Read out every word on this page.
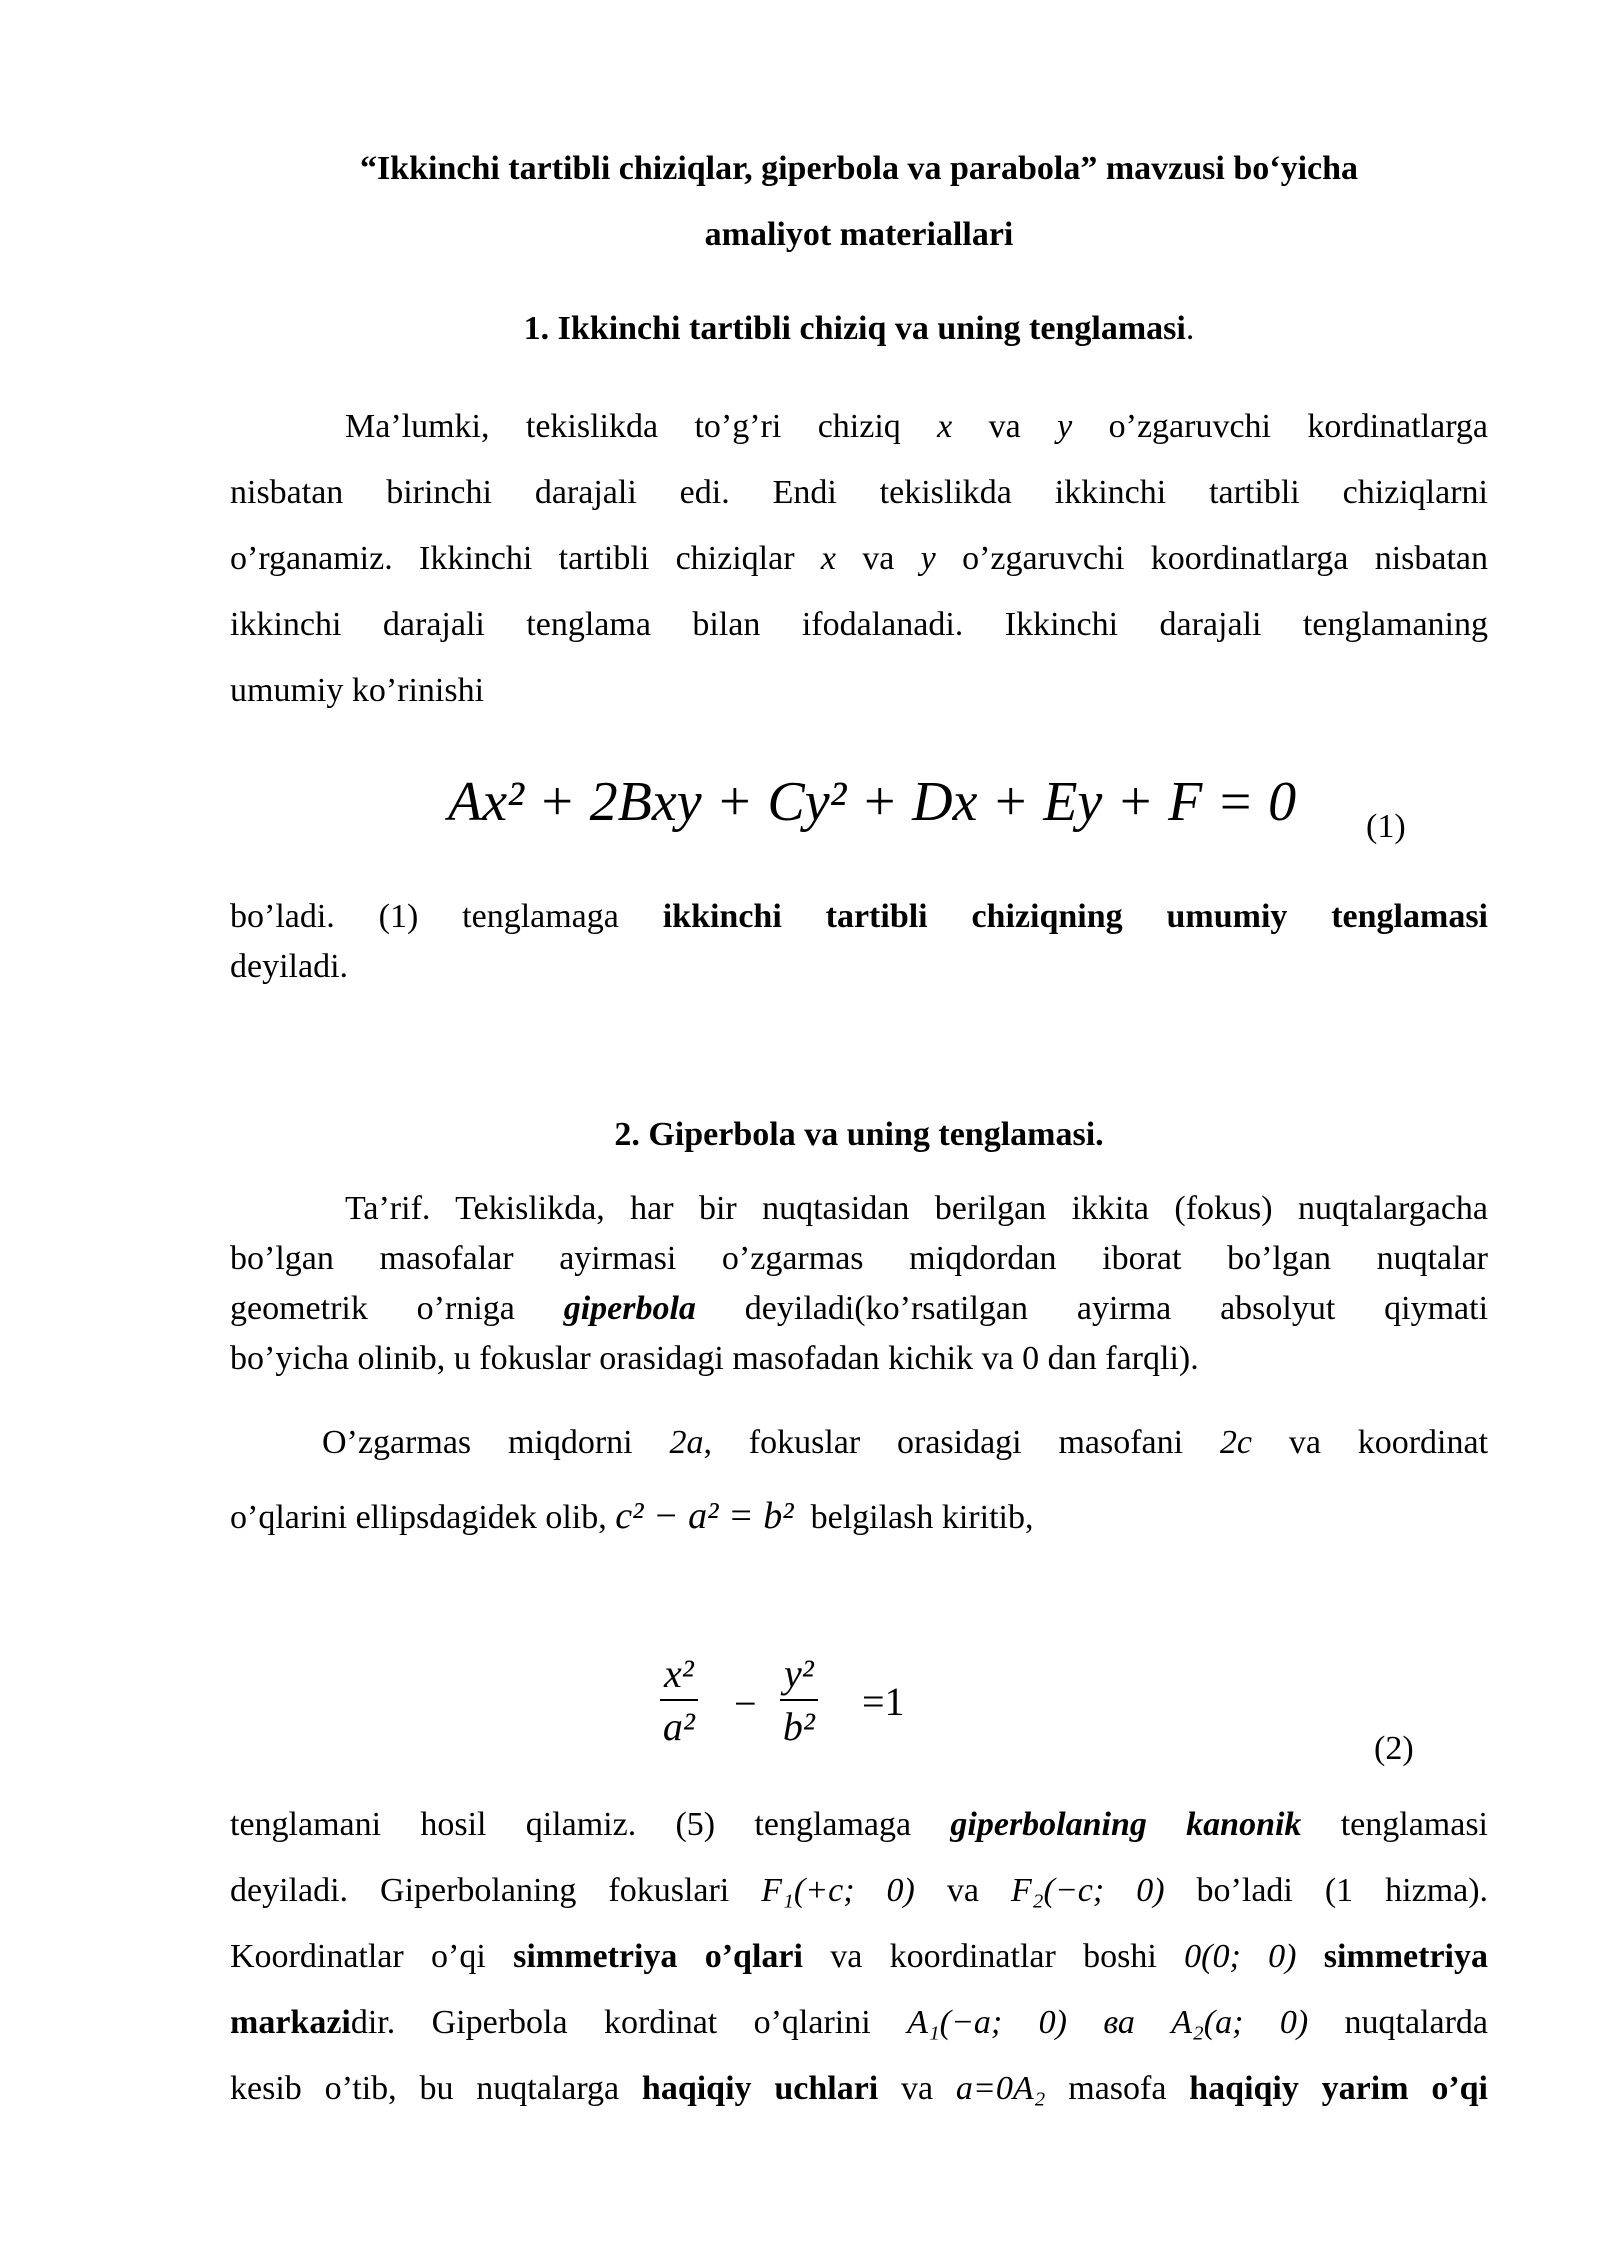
“Ikkinchi tartibli chiziqlar, giperbola va parabola” mavzusi bo‘yicha
amaliyot materiallari
1. Ikkinchi tartibli chiziq va uning tenglamasi.
Ma’lumki, tekislikda to’g’ri chiziq x va y o’zgaruvchi kordinatlarga
nisbatan birinchi darajali edi. Endi tekislikda ikkinchi tartibli chiziqlarni
o’rganamiz. Ikkinchi tartibli chiziqlar x va y o’zgaruvchi koordinatlarga nisbatan
ikkinchi darajali tenglama bilan ifodalanadi. Ikkinchi darajali tenglamaning
umumiy ko’rinishi
Ax² + 2Bxy + Cy² + Dx + Ey + F = 0 (1)
bo’ladi. (1) tenglamaga ikkinchi tartibli chiziqning umumiy tenglamasi
deyiladi.
2. Giperbola va uning tenglamasi.
Ta’rif. Tekislikda, har bir nuqtasidan berilgan ikkita (fokus) nuqtalargacha
bo’lgan masofalar ayirmasi o’zgarmas miqdordan iborat bo’lgan nuqtalar
geometrik o’rniga giperbola deyiladi(ko’rsatilgan ayirma absolyut qiymati
bo’yicha olinib, u fokuslar orasidagi masofadan kichik va 0 dan farqli).
O’zgarmas miqdorni 2a, fokuslar orasidagi masofani 2c va koordinat
o’qlarini ellipsdagidek olib, c² − a² = b² belgilash kiritib,
$\frac{\text{x²}}{\text{a²}} - \frac{\text{y²}}{\text{b²}} =1$
(2)
tenglamani hosil qilamiz. (5) tenglamaga giperbolaning kanonik tenglamasi
deyiladi. Giperbolaning fokuslari F₁(+c; 0) va F₂(−c; 0) bo’ladi (1 hizma).
Koordinatlar o’qi simmetriya o’qlari va koordinatlar boshi 0(0; 0) simmetriya
markazidir. Giperbola kordinat o’qlarini A₁(−a; 0) ва A₂(a; 0) nuqtalarda
kesib o’tib, bu nuqtalarga haqiqiy uchlari va a=0A₂ masofa haqiqiy yarim o’qi
